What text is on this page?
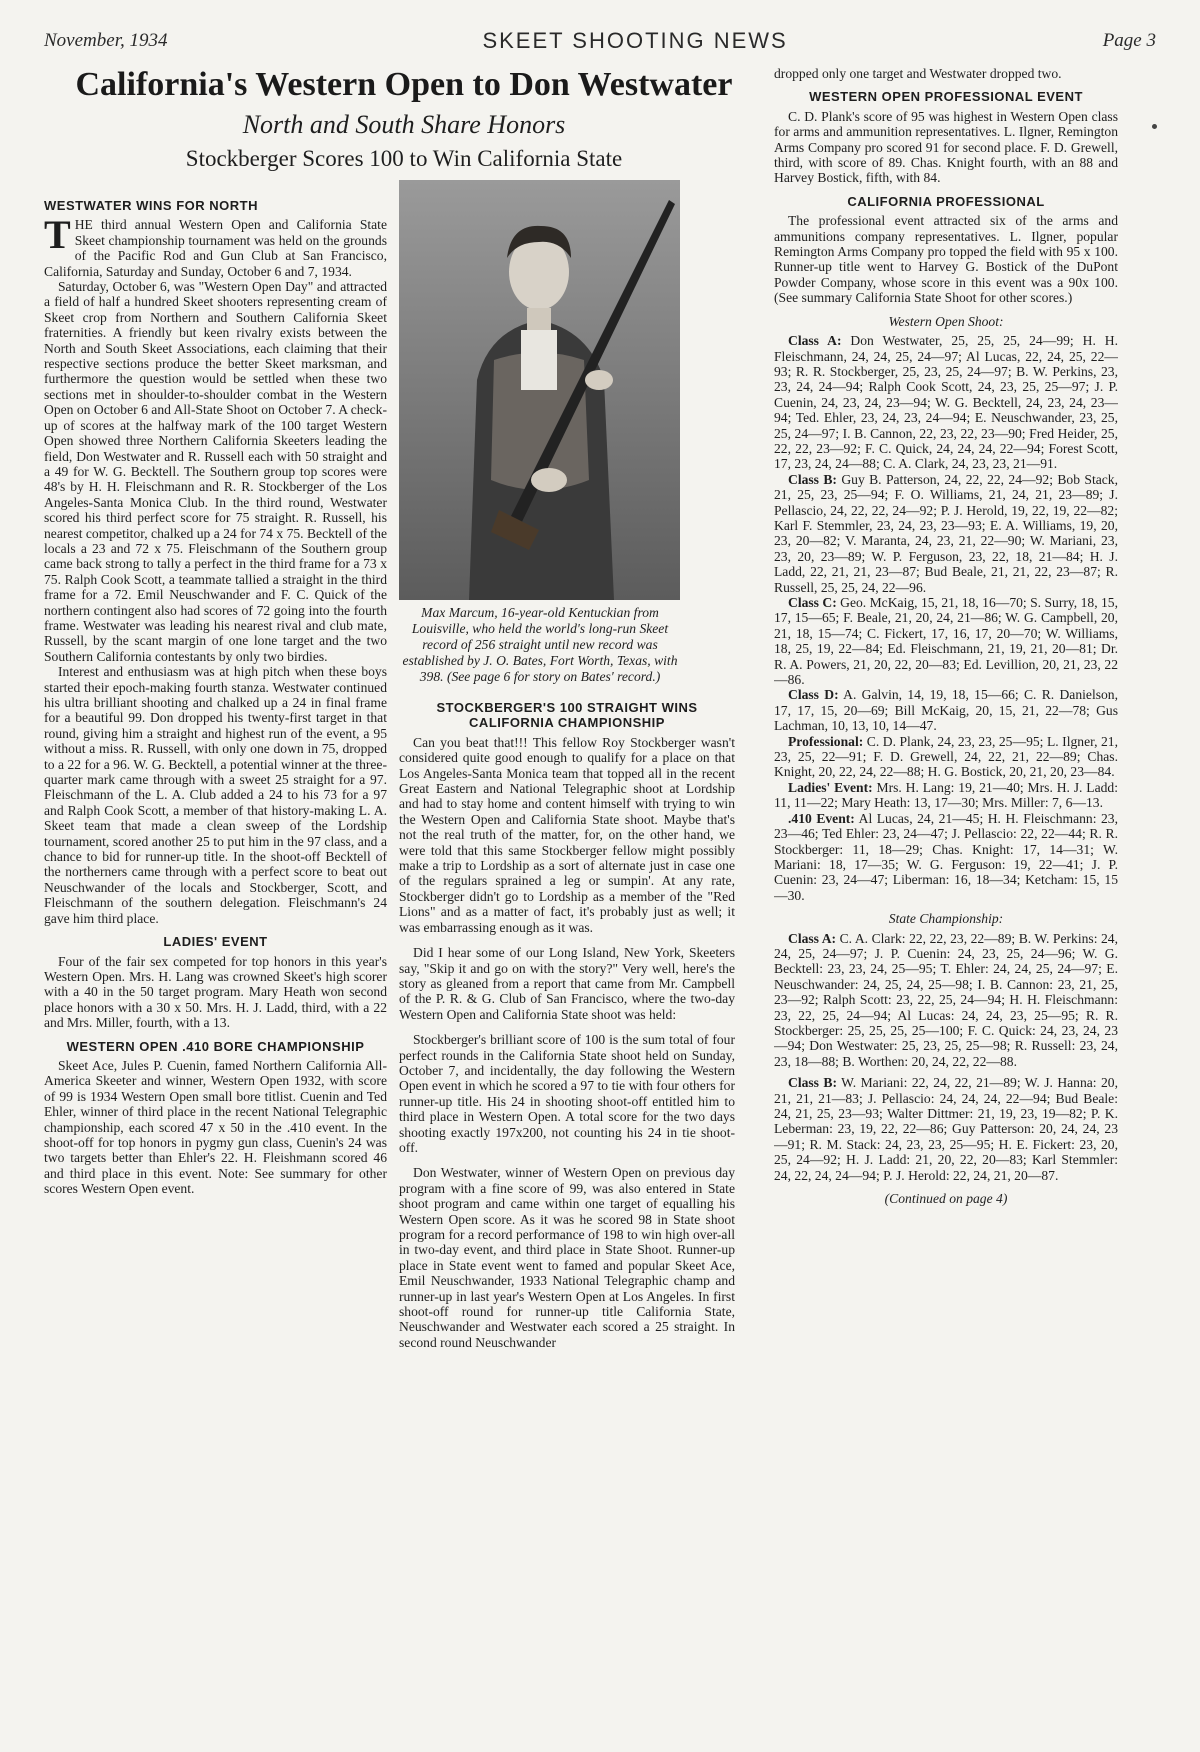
November, 1934	SKEET SHOOTING NEWS	Page 3
California's Western Open to Don Westwater
North and South Share Honors
Stockberger Scores 100 to Win California State
WESTWATER WINS FOR NORTH

THE third annual Western Open and California State Skeet championship tournament was held on the grounds of the Pacific Rod and Gun Club at San Francisco, California, Saturday and Sunday, October 6 and 7, 1934.

Saturday, October 6, was "Western Open Day" and attracted a field of half a hundred Skeet shooters representing cream of Skeet crop from Northern and Southern California Skeet fraternities. A friendly but keen rivalry exists between the North and South Skeet Associations, each claiming that their respective sections produce the better Skeet marksman, and furthermore the question would be settled when these two sections met in shoulder-to-shoulder combat in the Western Open on October 6 and All-State Shoot on October 7. A check-up of scores at the halfway mark of the 100 target Western Open showed three Northern California Skeeters leading the field, Don Westwater and R. Russell each with 50 straight and a 49 for W. G. Becktell. The Southern group top scores were 48's by H. H. Fleischmann and R. R. Stockberger of the Los Angeles-Santa Monica Club. In the third round, Westwater scored his third perfect score for 75 straight. R. Russell, his nearest competitor, chalked up a 24 for 74 x 75. Becktell of the locals a 23 and 72 x 75. Fleischmann of the Southern group came back strong to tally a perfect in the third frame for a 73 x 75. Ralph Cook Scott, a teammate tallied a straight in the third frame for a 72. Emil Neuschwander and F. C. Quick of the northern contingent also had scores of 72 going into the fourth frame. Westwater was leading his nearest rival and club mate, Russell, by the scant margin of one lone target and the two Southern California contestants by only two birdies.

Interest and enthusiasm was at high pitch when these boys started their epoch-making fourth stanza. Westwater continued his ultra brilliant shooting and chalked up a 24 in final frame for a beautiful 99. Don dropped his twenty-first target in that round, giving him a straight and highest run of the event, a 95 without a miss. R. Russell, with only one down in 75, dropped to a 22 for a 96. W. G. Becktell, a potential winner at the three-quarter mark came through with a sweet 25 straight for a 97. Fleischmann of the L. A. Club added a 24 to his 73 for a 97 and Ralph Cook Scott, a member of that history-making L. A. Skeet team that made a clean sweep of the Lordship tournament, scored another 25 to put him in the 97 class, and a chance to bid for runner-up title. In the shoot-off Becktell of the northerners came through with a perfect score to beat out Neuschwander of the locals and Stockberger, Scott, and Fleischmann of the southern delegation. Fleischmann's 24 gave him third place.

LADIES' EVENT

Four of the fair sex competed for top honors in this year's Western Open. Mrs. H. Lang was crowned Skeet's high scorer with a 40 in the 50 target program. Mary Heath won second place honors with a 30 x 50. Mrs. H. J. Ladd, third, with a 22 and Mrs. Miller, fourth, with a 13.

WESTERN OPEN .410 BORE CHAMPIONSHIP

Skeet Ace, Jules P. Cuenin, famed Northern California All-America Skeeter and winner, Western Open 1932, with score of 99 is 1934 Western Open small bore titlist. Cuenin and Ted Ehler, winner of third place in the recent National Telegraphic championship, each scored 47 x 50 in the .410 event. In the shoot-off for top honors in pygmy gun class, Cuenin's 24 was two targets better than Ehler's 22. H. Fleishmann scored 46 and third place in this event. Note: See summary for other scores Western Open event.

Max Marcum, 16-year-old Kentuckian from Louisville, who held the world's long-run Skeet record of 256 straight until new record was established by J. O. Bates, Fort Worth, Texas, with 398. (See page 6 for story on Bates' record.)
STOCKBERGER'S 100 STRAIGHT WINS CALIFORNIA CHAMPIONSHIP

Can you beat that!!! This fellow Roy Stockberger wasn't considered quite good enough to qualify for a place on that Los Angeles-Santa Monica team that topped all in the recent Great Eastern and National Telegraphic shoot at Lordship and had to stay home and content himself with trying to win the Western Open and California State shoot. Maybe that's not the real truth of the matter, for, on the other hand, we were told that this same Stockberger fellow might possibly make a trip to Lordship as a sort of alternate just in case one of the regulars sprained a leg or sumpin'. At any rate, Stockberger didn't go to Lordship as a member of the "Red Lions" and as a matter of fact, it's probably just as well; it was embarrassing enough as it was.

Did I hear some of our Long Island, New York, Skeeters say, "Skip it and go on with the story?" Very well, here's the story as gleaned from a report that came from Mr. Campbell of the P. R. & G. Club of San Francisco, where the two-day Western Open and California State shoot was held:

Stockberger's brilliant score of 100 is the sum total of four perfect rounds in the California State shoot held on Sunday, October 7, and incidentally, the day following the Western Open event in which he scored a 97 to tie with four others for runner-up title. His 24 in shooting shoot-off entitled him to third place in Western Open. A total score for the two days shooting exactly 197x200, not counting his 24 in tie shoot-off.

Don Westwater, winner of Western Open on previous day program with a fine score of 99, was also entered in State shoot program and came within one target of equalling his Western Open score. As it was he scored 98 in State shoot program for a record performance of 198 to win high over-all in two-day event, and third place in State Shoot. Runner-up place in State event went to famed and popular Skeet Ace, Emil Neuschwander, 1933 National Telegraphic champ and runner-up in last year's Western Open at Los Angeles. In first shoot-off round for runner-up title California State, Neuschwander and Westwater each scored a 25 straight. In second round Neuschwander

dropped only one target and Westwater dropped two.

WESTERN OPEN PROFESSIONAL EVENT

C. D. Plank's score of 95 was highest in Western Open class for arms and ammunition representatives. L. Ilgner, Remington Arms Company pro scored 91 for second place. F. D. Grewell, third, with score of 89. Chas. Knight fourth, with an 88 and Harvey Bostick, fifth, with 84.

CALIFORNIA PROFESSIONAL

The professional event attracted six of the arms and ammunitions company representatives. L. Ilgner, popular Remington Arms Company pro topped the field with 95 x 100. Runner-up title went to Harvey G. Bostick of the DuPont Powder Company, whose score in this event was a 90x 100. (See summary California State Shoot for other scores.)

Western Open Shoot:

Class A: Don Westwater, 25, 25, 25, 24—99; H. H. Fleischmann, 24, 24, 25, 24—97; Al Lucas, 22, 24, 25, 22—93; R. R. Stockberger, 25, 23, 25, 24—97; B. W. Perkins, 23, 23, 24, 24—94; Ralph Cook Scott, 24, 23, 25, 25—97; J. P. Cuenin, 24, 23, 24, 23—94; W. G. Becktell, 24, 23, 24, 23—94; Ted. Ehler, 23, 24, 23, 24—94; E. Neuschwander, 23, 25, 25, 24—97; I. B. Cannon, 22, 23, 22, 23—90; Fred Heider, 25, 22, 22, 23—92; F. C. Quick, 24, 24, 24, 22—94; Forest Scott, 17, 23, 24, 24—88; C. A. Clark, 24, 23, 23, 21—91.

Class B: Guy B. Patterson, 24, 22, 22, 24—92; Bob Stack, 21, 25, 23, 25—94; F. O. Williams, 21, 24, 21, 23—89; J. Pellascio, 24, 22, 22, 24—92; P. J. Herold, 19, 22, 19, 22—82; Karl F. Stemmler, 23, 24, 23, 23—93; E. A. Williams, 19, 20, 23, 20—82; V. Maranta, 24, 23, 21, 22—90; W. Mariani, 23, 23, 20, 23—89; W. P. Ferguson, 23, 22, 18, 21—84; H. J. Ladd, 22, 21, 21, 23—87; Bud Beale, 21, 21, 22, 23—87; R. Russell, 25, 25, 24, 22—96.

Class C: Geo. McKaig, 15, 21, 18, 16—70; S. Surry, 18, 15, 17, 15—65; F. Beale, 21, 20, 24, 21—86; W. G. Campbell, 20, 21, 18, 15—74; C. Fickert, 17, 16, 17, 20—70; W. Williams, 18, 25, 19, 22—84; Ed. Fleischmann, 21, 19, 21, 20—81; Dr. R. A. Powers, 21, 20, 22, 20—83; Ed. Levillion, 20, 21, 23, 22—86.

Class D: A. Galvin, 14, 19, 18, 15—66; C. R. Danielson, 17, 17, 15, 20—69; Bill McKaig, 20, 15, 21, 22—78; Gus Lachman, 10, 13, 10, 14—47.

Professional: C. D. Plank, 24, 23, 23, 25—95; L. Ilgner, 21, 23, 25, 22—91; F. D. Grewell, 24, 22, 21, 22—89; Chas. Knight, 20, 22, 24, 22—88; H. G. Bostick, 20, 21, 20, 23—84.

Ladies' Event: Mrs. H. Lang: 19, 21—40; Mrs. H. J. Ladd: 11, 11—22; Mary Heath: 13, 17—30; Mrs. Miller: 7, 6—13.

.410 Event: Al Lucas, 24, 21—45; H. H. Fleischmann: 23, 23—46; Ted Ehler: 23, 24—47; J. Pellascio: 22, 22—44; R. R. Stockberger: 11, 18—29; Chas. Knight: 17, 14—31; W. Mariani: 18, 17—35; W. G. Ferguson: 19, 22—41; J. P. Cuenin: 23, 24—47; Liberman: 16, 18—34; Ketcham: 15, 15—30.

State Championship:

Class A: C. A. Clark: 22, 22, 23, 22—89; B. W. Perkins: 24, 24, 25, 24—97; J. P. Cuenin: 24, 23, 25, 24—96; W. G. Becktell: 23, 23, 24, 25—95; T. Ehler: 24, 24, 25, 24—97; E. Neuschwander: 24, 25, 24, 25—98; I. B. Cannon: 23, 21, 25, 23—92; Ralph Scott: 23, 22, 25, 24—94; H. H. Fleischmann: 23, 22, 25, 24—94; Al Lucas: 24, 24, 23, 25—95; R. R. Stockberger: 25, 25, 25, 25—100; F. C. Quick: 24, 23, 24, 23—94; Don Westwater: 25, 23, 25, 25—98; R. Russell: 23, 24, 23, 18—88; B. Worthen: 20, 24, 22, 22—88.

Class B: W. Mariani: 22, 24, 22, 21—89; W. J. Hanna: 20, 21, 21, 21—83; J. Pellascio: 24, 24, 24, 22—94; Bud Beale: 24, 21, 25, 23—93; Walter Dittmer: 21, 19, 23, 19—82; P. K. Leberman: 23, 19, 22, 22—86; Guy Patterson: 20, 24, 24, 23—91; R. M. Stack: 24, 23, 23, 25—95; H. E. Fickert: 23, 20, 25, 24—92; H. J. Ladd: 21, 20, 22, 20—83; Karl Stemmler: 24, 22, 24, 24—94; P. J. Herold: 22, 24, 21, 20—87.

(Continued on page 4)
